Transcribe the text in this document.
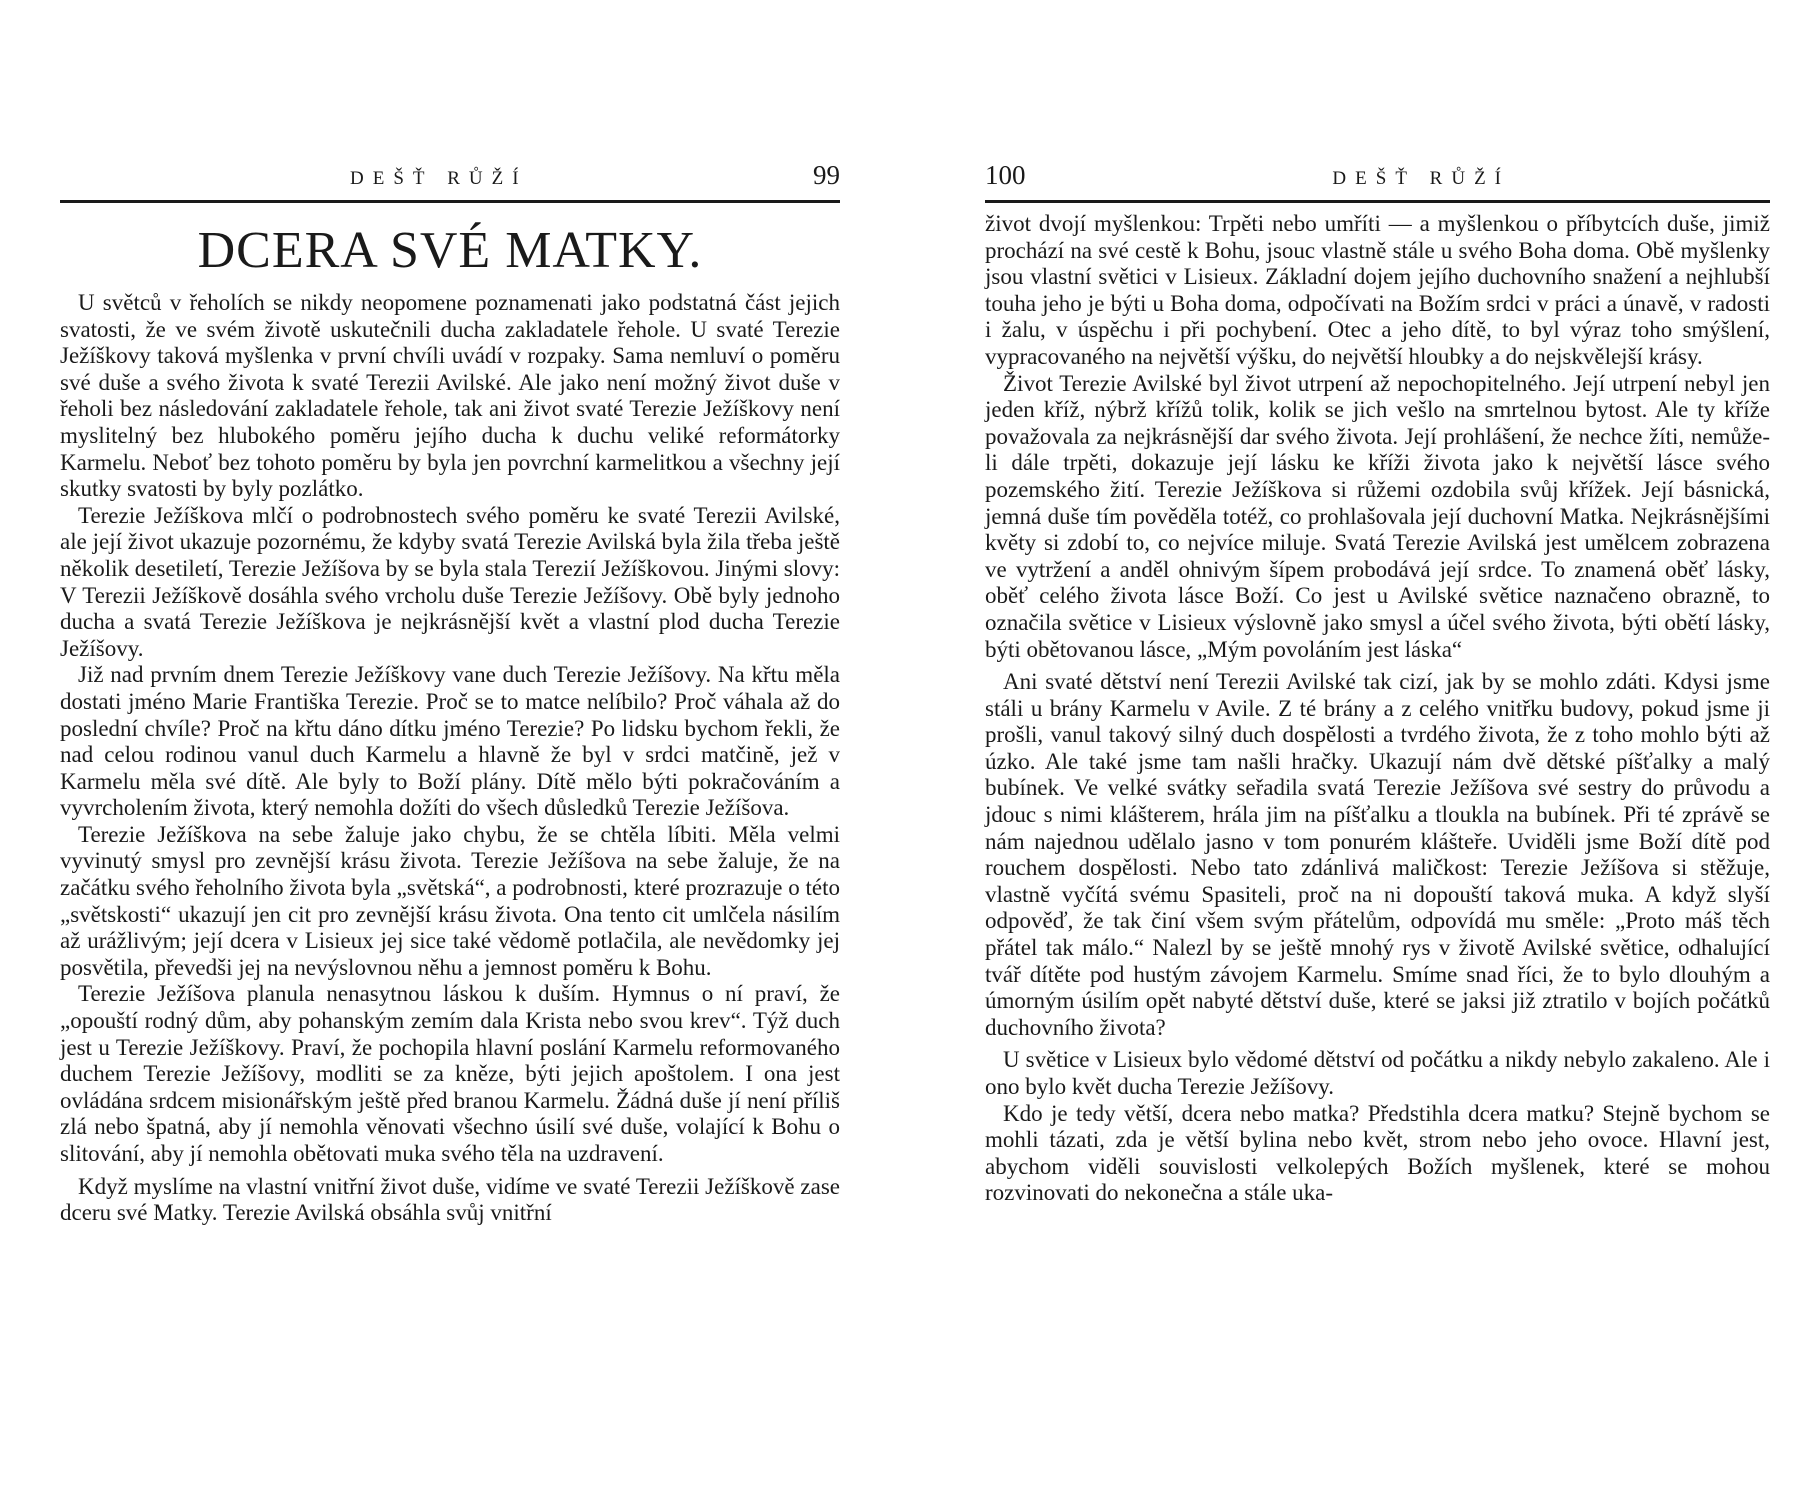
DEŠŤ RŮŽÍ	99
DCERA SVÉ MATKY.

U světců v řeholích se nikdy neopomene poznamenati jako podstatná část jejich svatosti, že ve svém životě uskutečnili ducha zakladatele řehole. U svaté Terezie Ježíškovy taková myšlenka v první chvíli uvádí v rozpaky. Sama nemluví o poměru své duše a svého života k svaté Terezii Avilské. Ale jako není možný život duše v řeholi bez následování zakladatele řehole, tak ani život svaté Terezie Ježíškovy není myslitelný bez hlubokého poměru jejího ducha k duchu veliké reformátorky Karmelu. Neboť bez tohoto poměru by byla jen povrchní karmelitkou a všechny její skutky svatosti by byly pozlátko.

Terezie Ježíškova mlčí o podrobnostech svého poměru ke svaté Terezii Avilské, ale její život ukazuje pozornému, že kdyby svatá Terezie Avilská byla žila třeba ještě několik desetiletí, Terezie Ježíšova by se byla stala Terezií Ježíškovou. Jinými slovy: V Terezii Ježíškově dosáhla svého vrcholu duše Terezie Ježíšovy. Obě byly jednoho ducha a svatá Terezie Ježíškova je nejkrásnější květ a vlastní plod ducha Terezie Ježíšovy.

Již nad prvním dnem Terezie Ježíškovy vane duch Terezie Ježíšovy. Na křtu měla dostati jméno Marie Františka Terezie. Proč se to matce nelíbilo? Proč váhala až do poslední chvíle? Proč na křtu dáno dítku jméno Terezie? Po lidsku bychom řekli, že nad celou rodinou vanul duch Karmelu a hlavně že byl v srdci matčině, jež v Karmelu měla své dítě. Ale byly to Boží plány. Dítě mělo býti pokračováním a vyvrcholením života, který nemohla dožíti do všech důsledků Terezie Ježíšova.

Terezie Ježíškova na sebe žaluje jako chybu, že se chtěla líbiti. Měla velmi vyvinutý smysl pro zevnější krásu života. Terezie Ježíšova na sebe žaluje, že na začátku svého řeholního života byla „světská“, a podrobnosti, které prozrazuje o této „světskosti“ ukazují jen cit pro zevnější krásu života. Ona tento cit umlčela násilím až urážlivým; její dcera v Lisieux jej sice také vědomě potlačila, ale nevědomky jej posvětila, převedši jej na nevýslovnou něhu a jemnost poměru k Bohu.

Terezie Ježíšova planula nenasytnou láskou k duším. Hymnus o ní praví, že „opouští rodný dům, aby pohanským zemím dala Krista nebo svou krev“. Týž duch jest u Terezie Ježíškovy. Praví, že pochopila hlavní poslání Karmelu reformovaného duchem Terezie Ježíšovy, modliti se za kněze, býti jejich apoštolem. I ona jest ovládána srdcem misionářským ještě před branou Karmelu. Žádná duše jí není příliš zlá nebo špatná, aby jí nemohla věnovati všechno úsilí své duše, volající k Bohu o slitování, aby jí nemohla obětovati muka svého těla na uzdravení.

Když myslíme na vlastní vnitřní život duše, vidíme ve svaté Terezii Ježíškově zase dceru své Matky. Terezie Avilská obsáhla svůj vnitřní

100	DEŠŤ RŮŽÍ

život dvojí myšlenkou: Trpěti nebo umříti — a myšlenkou o příbytcích duše, jimiž prochází na své cestě k Bohu, jsouc vlastně stále u svého Boha doma. Obě myšlenky jsou vlastní světici v Lisieux. Základní dojem jejího duchovního snažení a nejhlubší touha jeho je býti u Boha doma, odpočívati na Božím srdci v práci a únavě, v radosti i žalu, v úspěchu i při pochybení. Otec a jeho dítě, to byl výraz toho smýšlení, vypracovaného na největší výšku, do největší hloubky a do nejskvělejší krásy.

Život Terezie Avilské byl život utrpení až nepochopitelného. Její utrpení nebyl jen jeden kříž, nýbrž křížů tolik, kolik se jich vešlo na smrtelnou bytost. Ale ty kříže považovala za nejkrásnější dar svého života. Její prohlášení, že nechce žíti, nemůže-li dále trpěti, dokazuje její lásku ke kříži života jako k největší lásce svého pozemského žití. Terezie Ježíškova si růžemi ozdobila svůj křížek. Její básnická, jemná duše tím pověděla totéž, co prohlašovala její duchovní Matka. Nejkrásnějšími květy si zdobí to, co nejvíce miluje. Svatá Terezie Avilská jest umělcem zobrazena ve vytržení a anděl ohnivým šípem probodává její srdce. To znamená oběť lásky, oběť celého života lásce Boží. Co jest u Avilské světice naznačeno obrazně, to označila světice v Lisieux výslovně jako smysl a účel svého života, býti obětí lásky, býti obětovanou lásce, „Mým povoláním jest láska“

Ani svaté dětství není Terezii Avilské tak cizí, jak by se mohlo zdáti. Kdysi jsme stáli u brány Karmelu v Avile. Z té brány a z celého vnitřku budovy, pokud jsme ji prošli, vanul takový silný duch dospělosti a tvrdého života, že z toho mohlo býti až úzko. Ale také jsme tam našli hračky. Ukazují nám dvě dětské píšťalky a malý bubínek. Ve velké svátky seřadila svatá Terezie Ježíšova své sestry do průvodu a jdouc s nimi klášterem, hrála jim na píšťalku a tloukla na bubínek. Při té zprávě se nám najednou udělalo jasno v tom ponurém klášteře. Uviděli jsme Boží dítě pod rouchem dospělosti. Nebo tato zdánlivá maličkost: Terezie Ježíšova si stěžuje, vlastně vyčítá svému Spasiteli, proč na ni dopouští taková muka. A když slyší odpověď, že tak činí všem svým přátelům, odpovídá mu směle: „Proto máš těch přátel tak málo.“ Nalezl by se ještě mnohý rys v životě Avilské světice, odhalující tvář dítěte pod hustým závojem Karmelu. Smíme snad říci, že to bylo dlouhým a úmorným úsilím opět nabyté dětství duše, které se jaksi již ztratilo v bojích počátků duchovního života?

U světice v Lisieux bylo vědomé dětství od počátku a nikdy nebylo zakaleno. Ale i ono bylo květ ducha Terezie Ježíšovy.

Kdo je tedy větší, dcera nebo matka? Předstihla dcera matku? Stejně bychom se mohli tázati, zda je větší bylina nebo květ, strom nebo jeho ovoce. Hlavní jest, abychom viděli souvislosti velkolepých Božích myšlenek, které se mohou rozvinovati do nekonečna a stále uka-
